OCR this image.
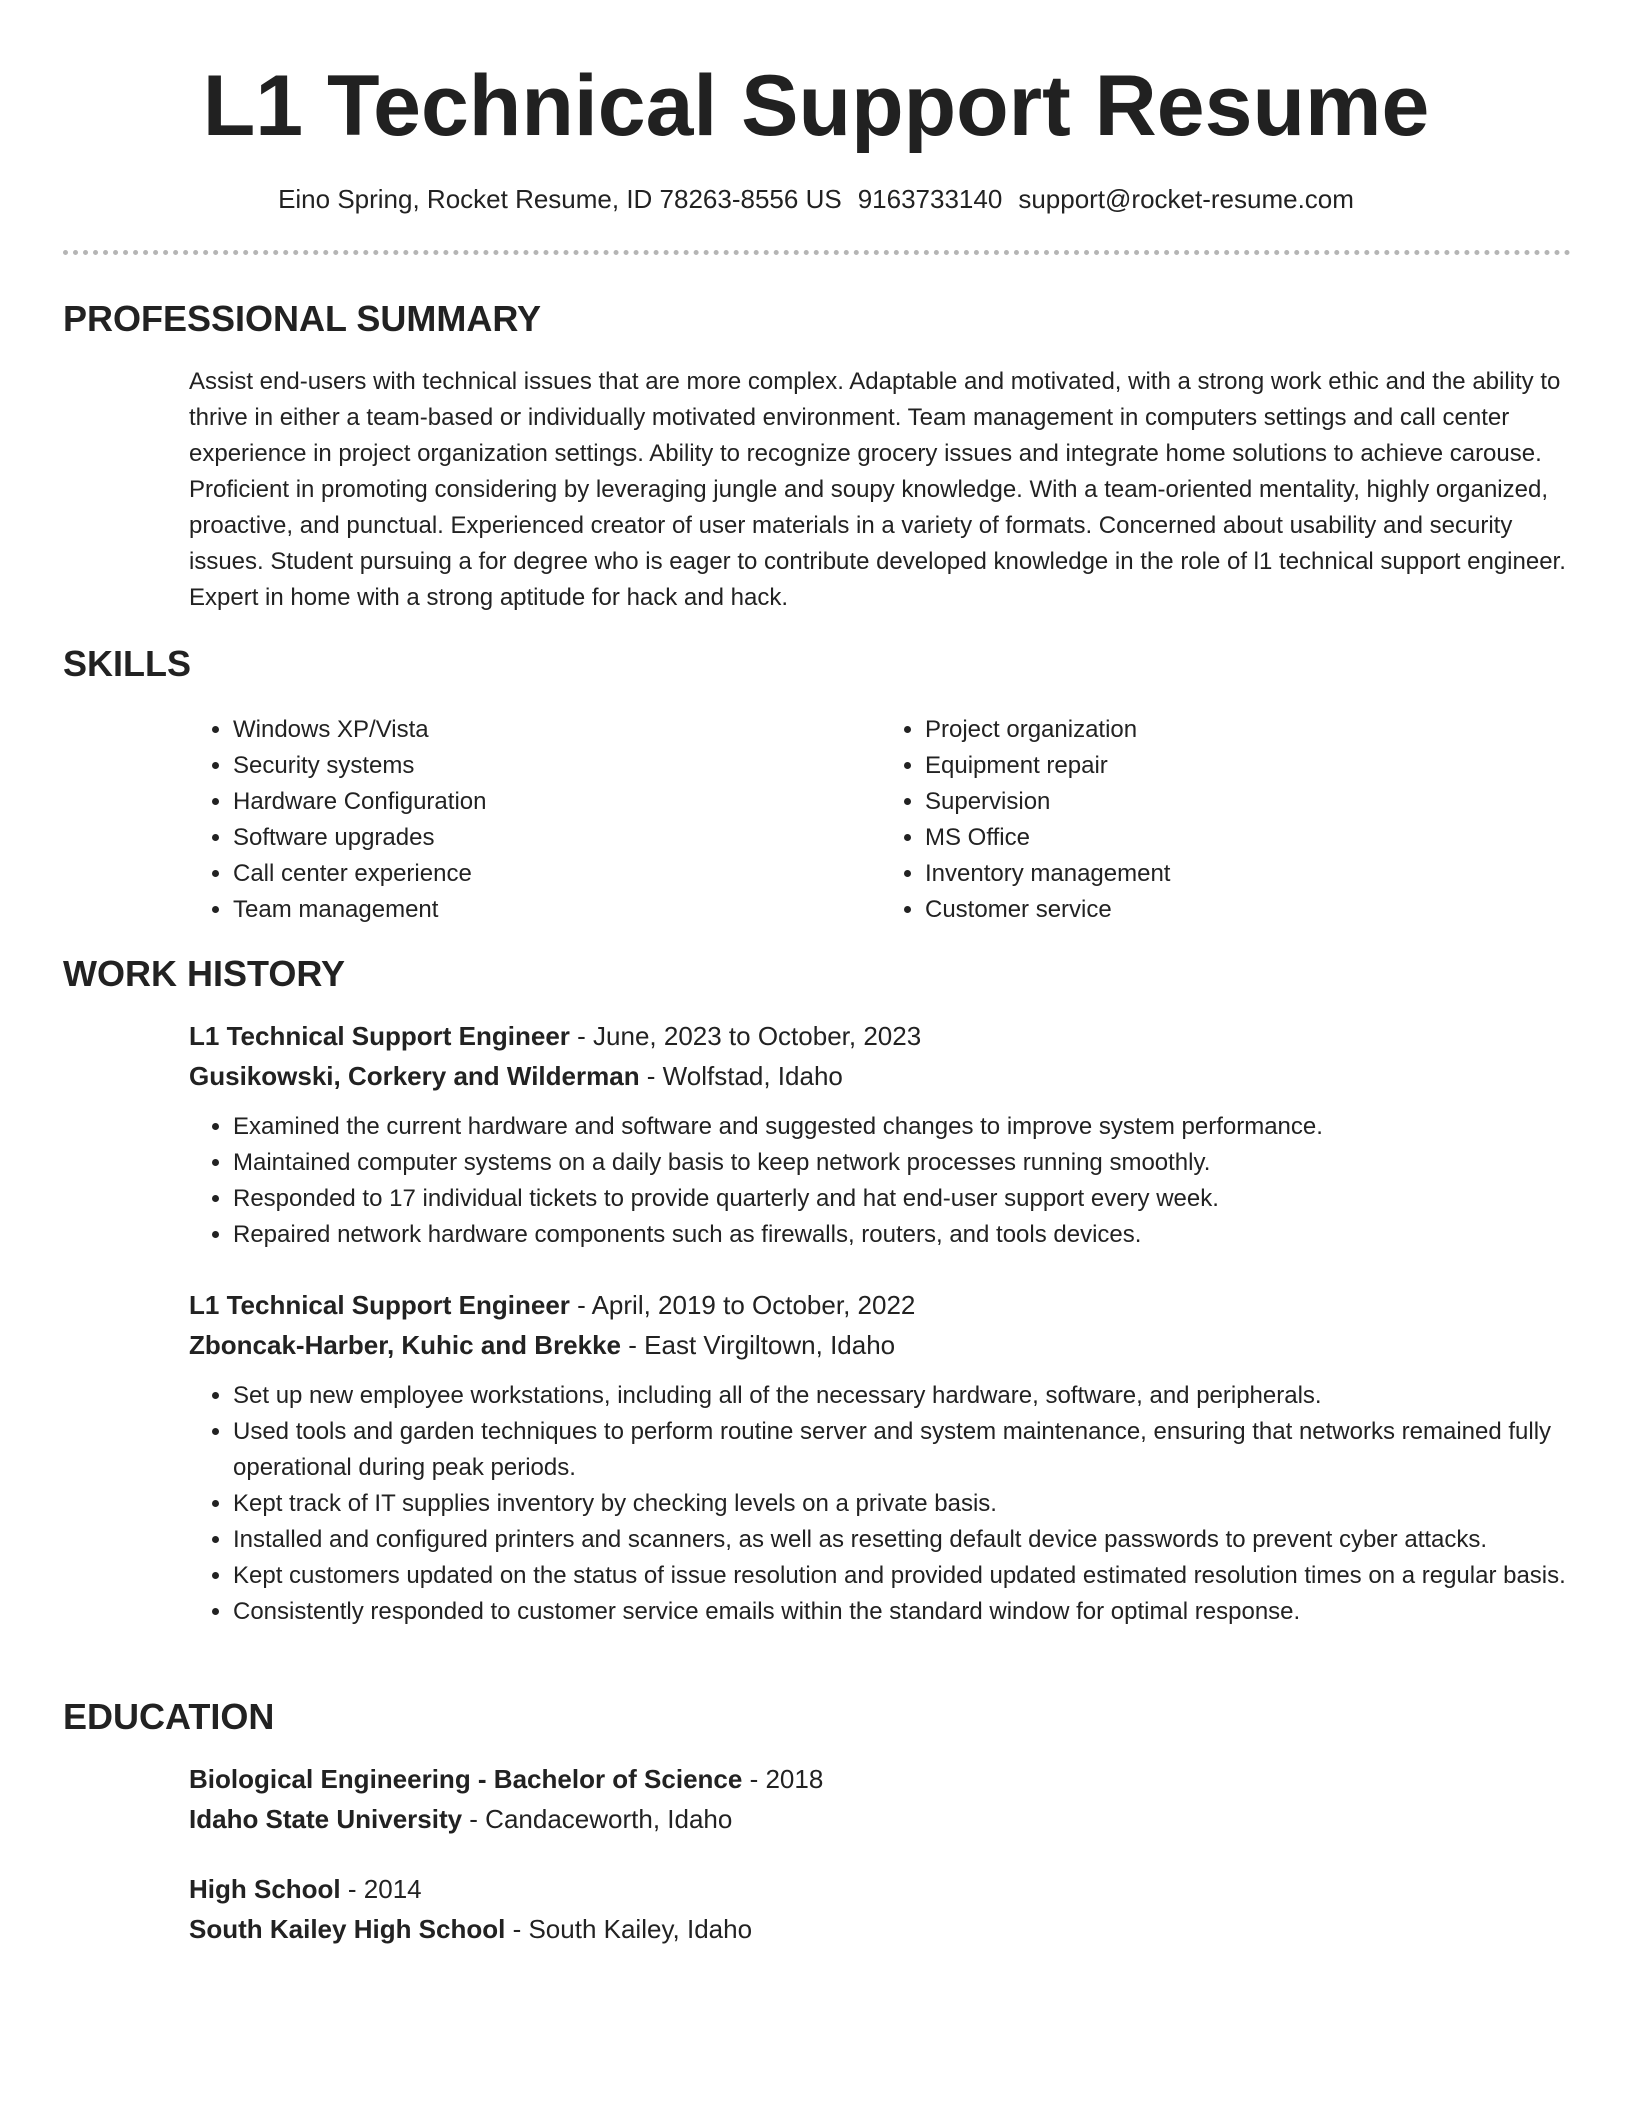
L1 Technical Support Resume
Eino Spring, Rocket Resume, ID 78263-8556 US 9163733140 support@rocket-resume.com
PROFESSIONAL SUMMARY

Assist end-users with technical issues that are more complex. Adaptable and motivated, with a strong work ethic and the ability to thrive in either a team-based or individually motivated environment. Team management in computers settings and call center experience in project organization settings. Ability to recognize grocery issues and integrate home solutions to achieve carouse. Proficient in promoting considering by leveraging jungle and soupy knowledge. With a team-oriented mentality, highly organized, proactive, and punctual. Experienced creator of user materials in a variety of formats. Concerned about usability and security issues. Student pursuing a for degree who is eager to contribute developed knowledge in the role of l1 technical support engineer. Expert in home with a strong aptitude for hack and hack.

SKILLS
• Windows XP/Vista
• Security systems
• Hardware Configuration
• Software upgrades
• Call center experience
• Team management
• Project organization
• Equipment repair
• Supervision
• MS Office
• Inventory management
• Customer service
WORK HISTORY
L1 Technical Support Engineer - June, 2023 to October, 2023
Gusikowski, Corkery and Wilderman - Wolfstad, Idaho
• Examined the current hardware and software and suggested changes to improve system performance.
• Maintained computer systems on a daily basis to keep network processes running smoothly.
• Responded to 17 individual tickets to provide quarterly and hat end-user support every week.
• Repaired network hardware components such as firewalls, routers, and tools devices.
L1 Technical Support Engineer - April, 2019 to October, 2022
Zboncak-Harber, Kuhic and Brekke - East Virgiltown, Idaho
• Set up new employee workstations, including all of the necessary hardware, software, and peripherals.
• Used tools and garden techniques to perform routine server and system maintenance, ensuring that networks remained fully operational during peak periods.
• Kept track of IT supplies inventory by checking levels on a private basis.
• Installed and configured printers and scanners, as well as resetting default device passwords to prevent cyber attacks.
• Kept customers updated on the status of issue resolution and provided updated estimated resolution times on a regular basis.
• Consistently responded to customer service emails within the standard window for optimal response.
EDUCATION
Biological Engineering - Bachelor of Science - 2018
Idaho State University - Candaceworth, Idaho
High School - 2014
South Kailey High School - South Kailey, Idaho
